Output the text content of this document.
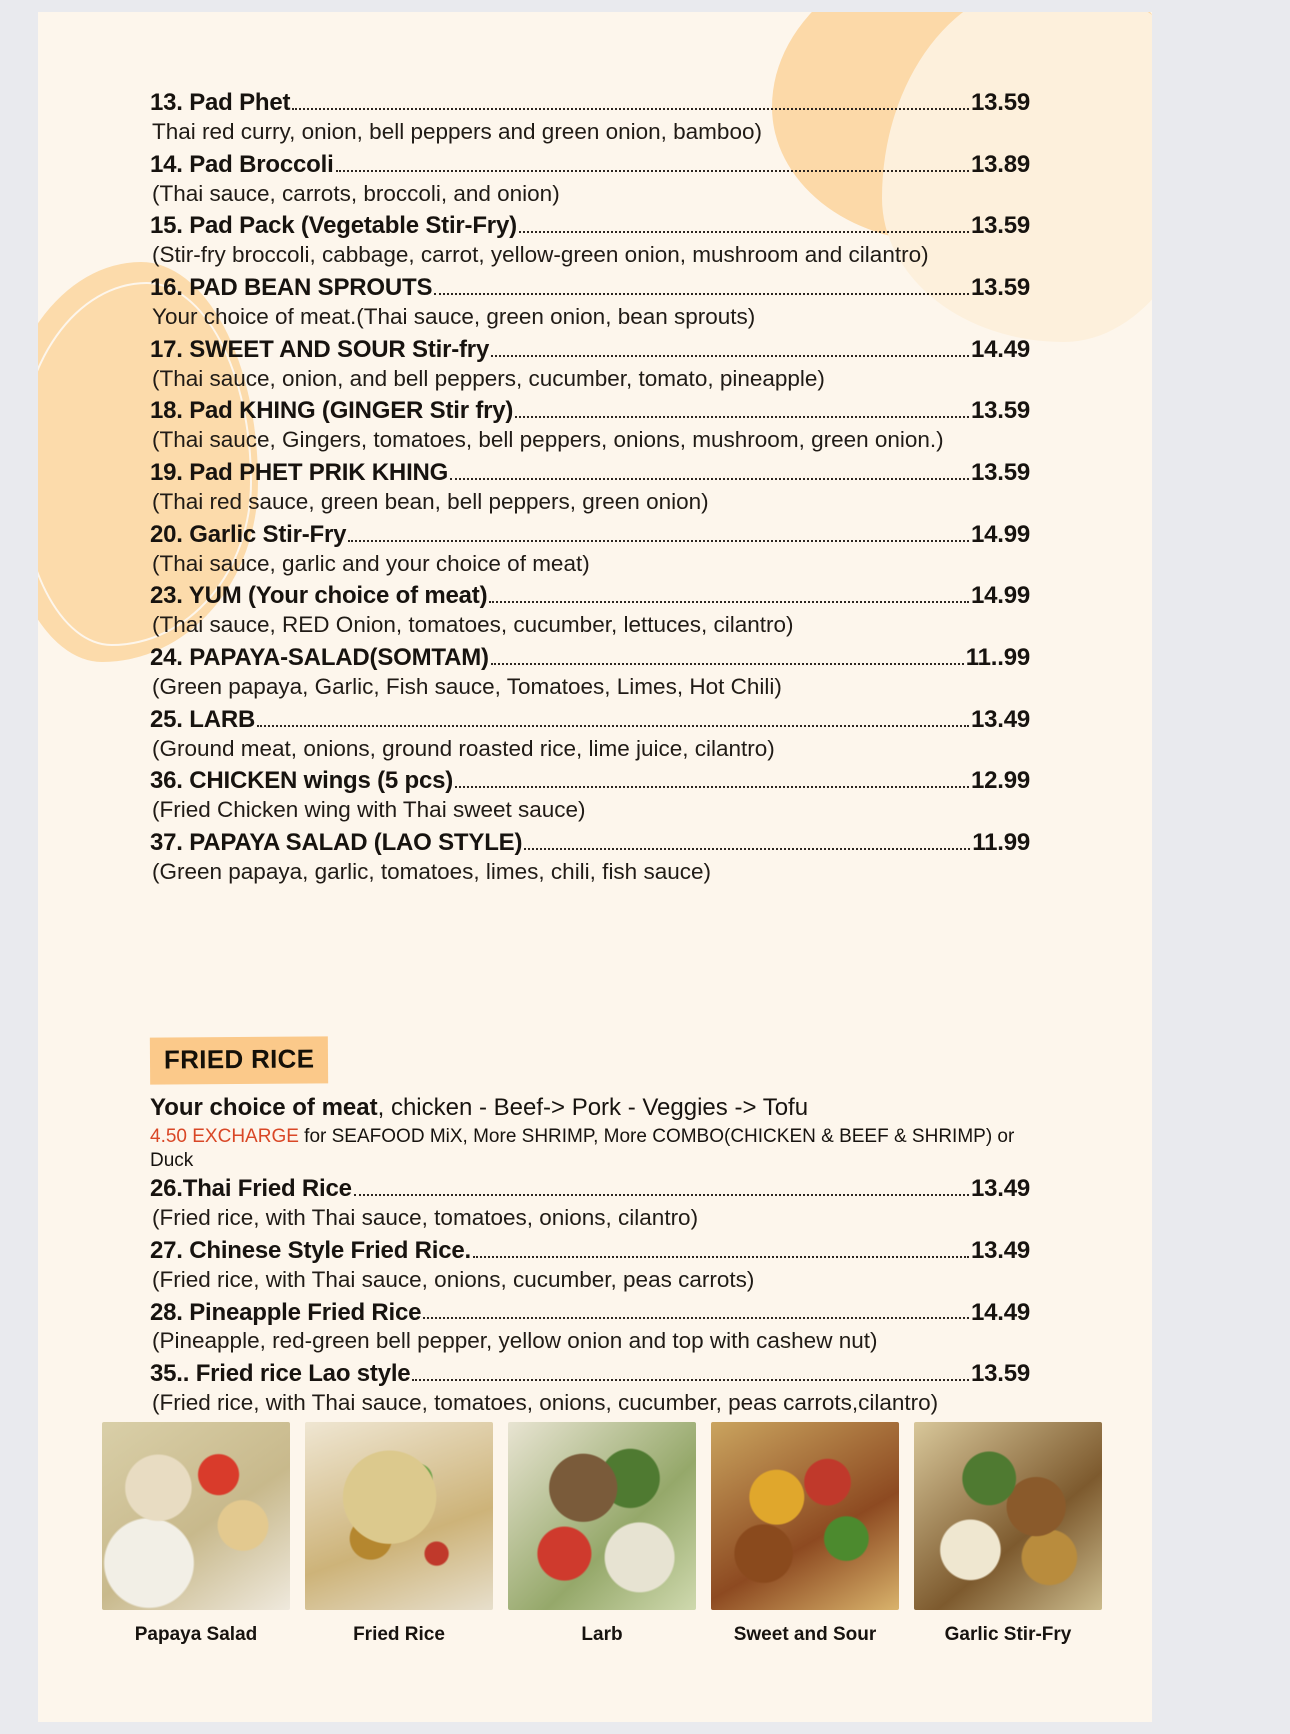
13. Pad Phet	13.59
Thai red curry, onion, bell peppers and green onion, bamboo)
14. Pad Broccoli	13.89
(Thai sauce, carrots, broccoli, and onion)
15. Pad Pack (Vegetable Stir-Fry)	13.59
(Stir-fry broccoli, cabbage, carrot, yellow-green onion, mushroom and cilantro)
16. PAD BEAN SPROUTS	13.59
Your choice of meat.(Thai sauce, green onion, bean sprouts)
17. SWEET AND SOUR Stir-fry	14.49
(Thai sauce, onion, and bell peppers, cucumber, tomato, pineapple)
18. Pad KHING (GINGER Stir fry)	13.59
(Thai sauce, Gingers, tomatoes, bell peppers, onions, mushroom, green onion.)
19. Pad PHET PRIK KHING	13.59
(Thai red sauce, green bean, bell peppers, green onion)
20. Garlic Stir-Fry	14.99
(Thai sauce, garlic and your choice of meat)
23. YUM (Your choice of meat)	14.99
(Thai sauce, RED Onion, tomatoes, cucumber, lettuces, cilantro)
24. PAPAYA-SALAD(SOMTAM)	11..99
(Green papaya, Garlic, Fish sauce, Tomatoes, Limes, Hot Chili)
25. LARB	13.49
(Ground meat, onions, ground roasted rice, lime juice, cilantro)
36. CHICKEN wings (5 pcs)	12.99
(Fried Chicken wing with Thai sweet sauce)
37. PAPAYA SALAD (LAO STYLE)	11.99
(Green papaya, garlic, tomatoes, limes, chili, fish sauce)
FRIED RICE
Your choice of meat, chicken - Beef-> Pork - Veggies -> Tofu
4.50 EXCHARGE for SEAFOOD MiX, More SHRIMP, More COMBO(CHICKEN & BEEF & SHRIMP) or Duck
26.Thai Fried Rice	13.49
(Fried rice, with Thai sauce, tomatoes, onions, cilantro)
27. Chinese Style Fried Rice.	13.49
(Fried rice, with Thai sauce, onions, cucumber, peas carrots)
28. Pineapple Fried Rice	14.49
(Pineapple, red-green bell pepper, yellow onion and top with cashew nut)
35.. Fried rice Lao style	13.59
(Fried rice, with Thai sauce, tomatoes, onions, cucumber, peas carrots,cilantro)
Papaya Salad	Fried Rice	Larb	Sweet and Sour	Garlic Stir-Fry
